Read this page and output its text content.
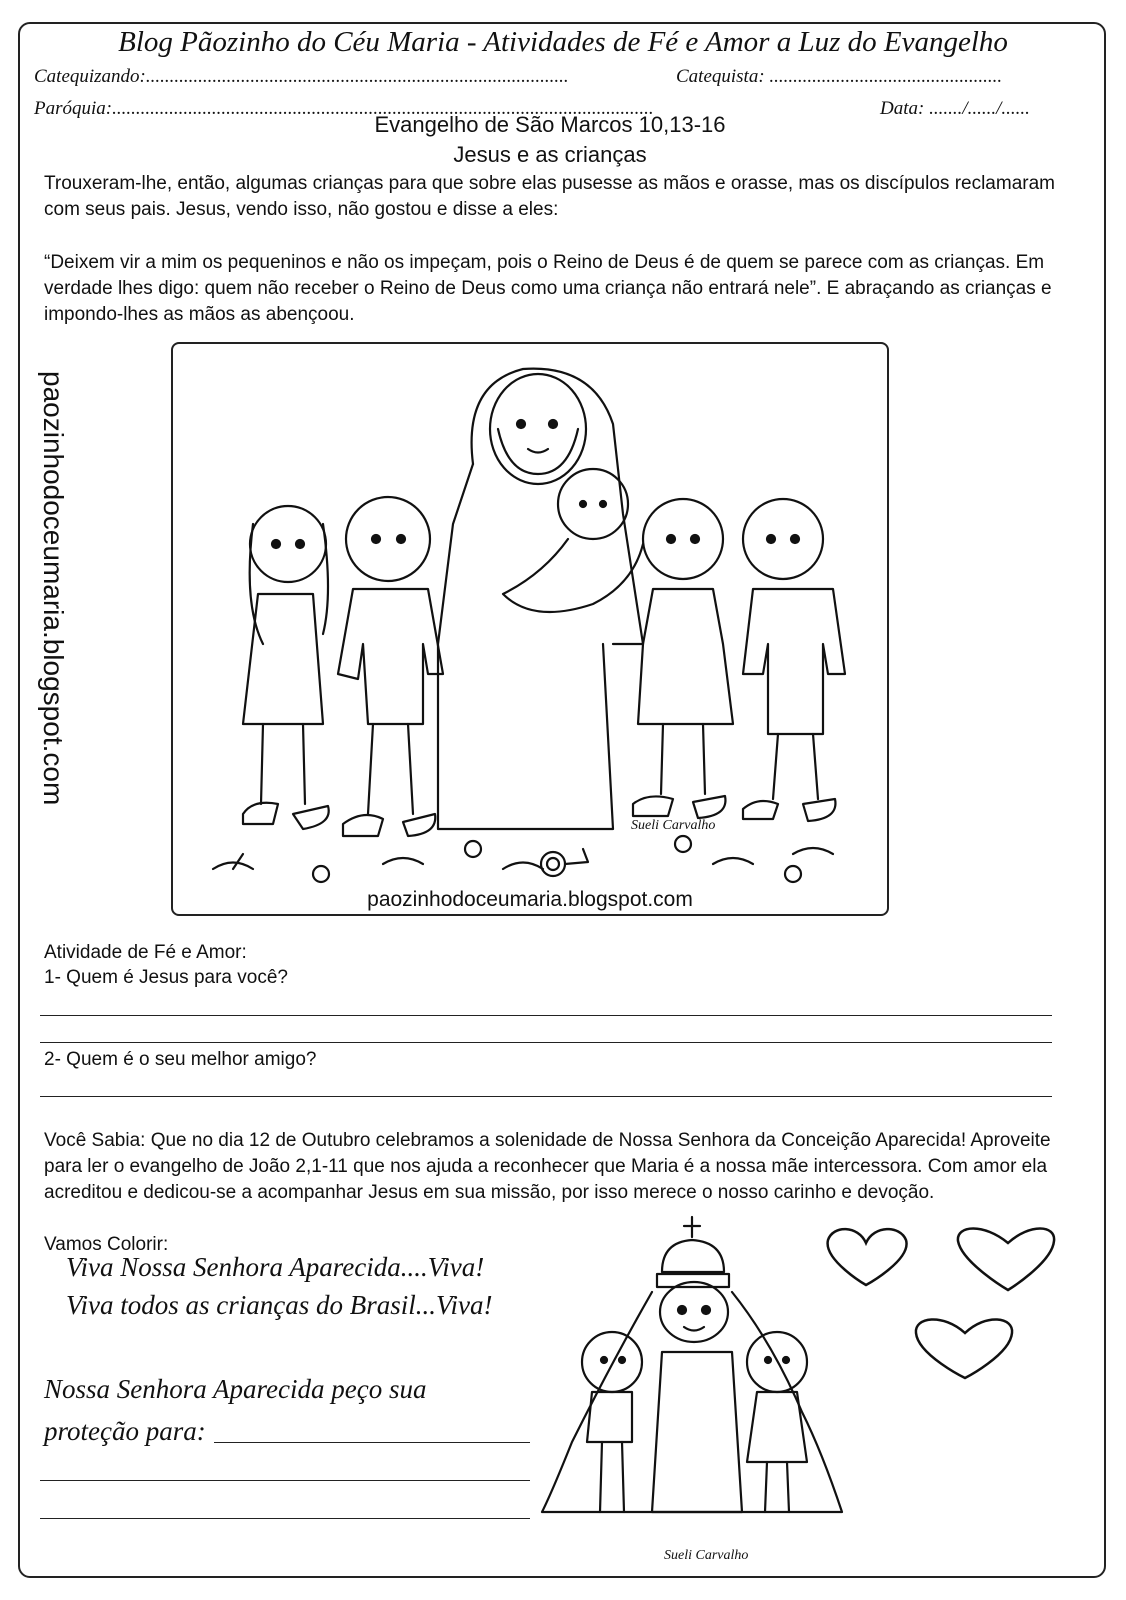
Blog Pãozinho do Céu Maria - Atividades de Fé e Amor a Luz do Evangelho

Catequizando:.........................................................................................	Catequista: .................................................

Paróquia:..................................................................................................................	Data: ......./....../......

Evangelho de São Marcos 10,13-16

Jesus e as crianças

Trouxeram-lhe, então, algumas crianças para que sobre elas pusesse as mãos e orasse, mas os discípulos reclamaram com seus pais. Jesus, vendo isso, não gostou e disse a eles:

“Deixem vir a mim os pequeninos e não os impeçam, pois o Reino de Deus é de quem se parece com as crianças. Em verdade lhes digo: quem não receber o Reino de Deus como uma criança não entrará nele”. E abraçando as crianças e impondo-lhes as mãos as abençoou.

paozinhodoceumaria.blogspot.com
Sueli Carvalho
paozinhodoceumaria.blogspot.com

Atividade de Fé e Amor:

1- Quem é Jesus para você?

2- Quem é o seu melhor amigo?

Você Sabia: Que no dia 12 de Outubro celebramos a solenidade de Nossa Senhora da Conceição Aparecida! Aproveite para ler o evangelho de João 2,1-11 que nos ajuda a reconhecer que Maria é a nossa mãe intercessora. Com amor ela acreditou e dedicou-se a acompanhar Jesus em sua missão, por isso merece o nosso carinho e devoção.

Vamos Colorir:

Viva Nossa Senhora Aparecida....Viva!

Viva todos as crianças do Brasil...Viva!

Nossa Senhora Aparecida peço sua

proteção para:

Sueli Carvalho
